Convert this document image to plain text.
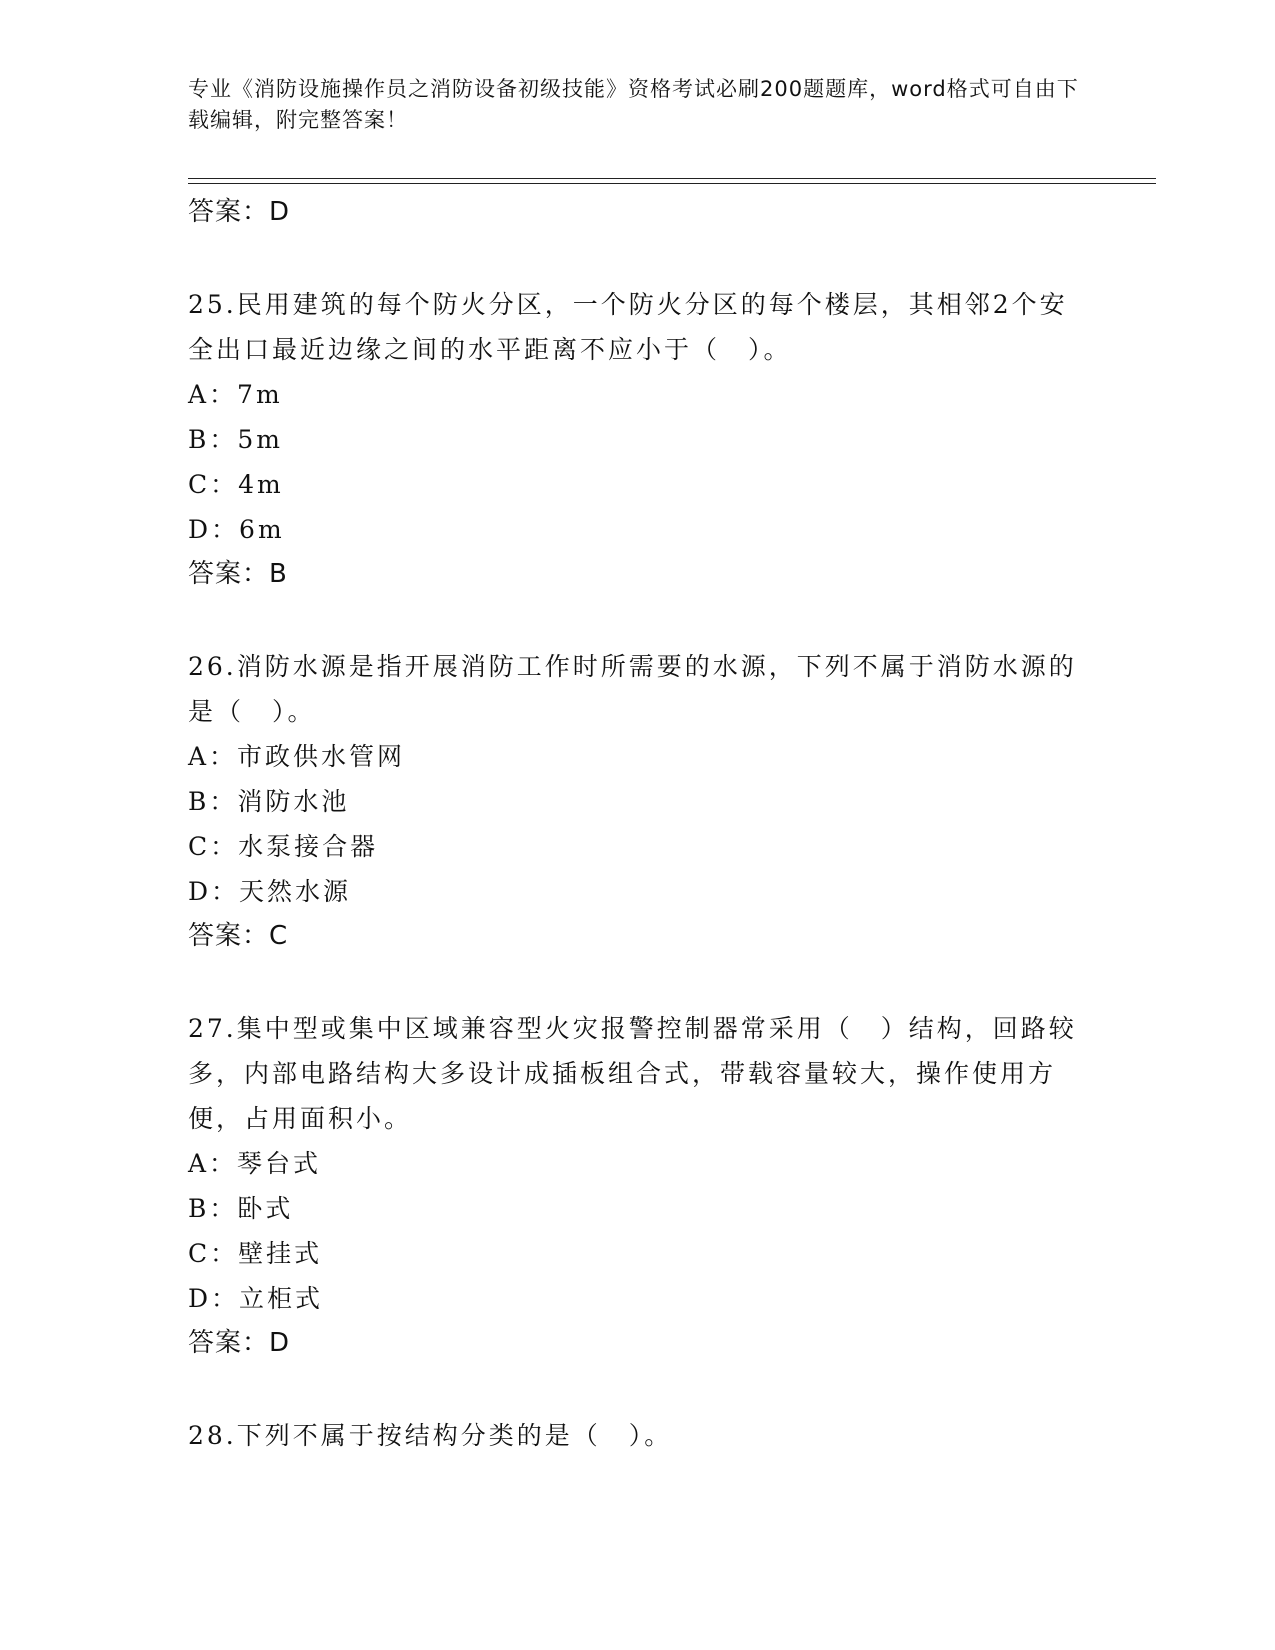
专业《消防设施操作员之消防设备初级技能》资格考试必刷200题题库，word格式可自由下载编辑，附完整答案！
答案：D
25.民用建筑的每个防火分区，一个防火分区的每个楼层，其相邻2个安全出口最近边缘之间的水平距离不应小于（　）。
A：7m
B：5m
C：4m
D：6m
答案：B
26.消防水源是指开展消防工作时所需要的水源，下列不属于消防水源的是（　）。
A：市政供水管网
B：消防水池
C：水泵接合器
D：天然水源
答案：C
27.集中型或集中区域兼容型火灾报警控制器常采用（　）结构，回路较多，内部电路结构大多设计成插板组合式，带载容量较大，操作使用方便，占用面积小。
A：琴台式
B：卧式
C：壁挂式
D：立柜式
答案：D
28.下列不属于按结构分类的是（　）。
